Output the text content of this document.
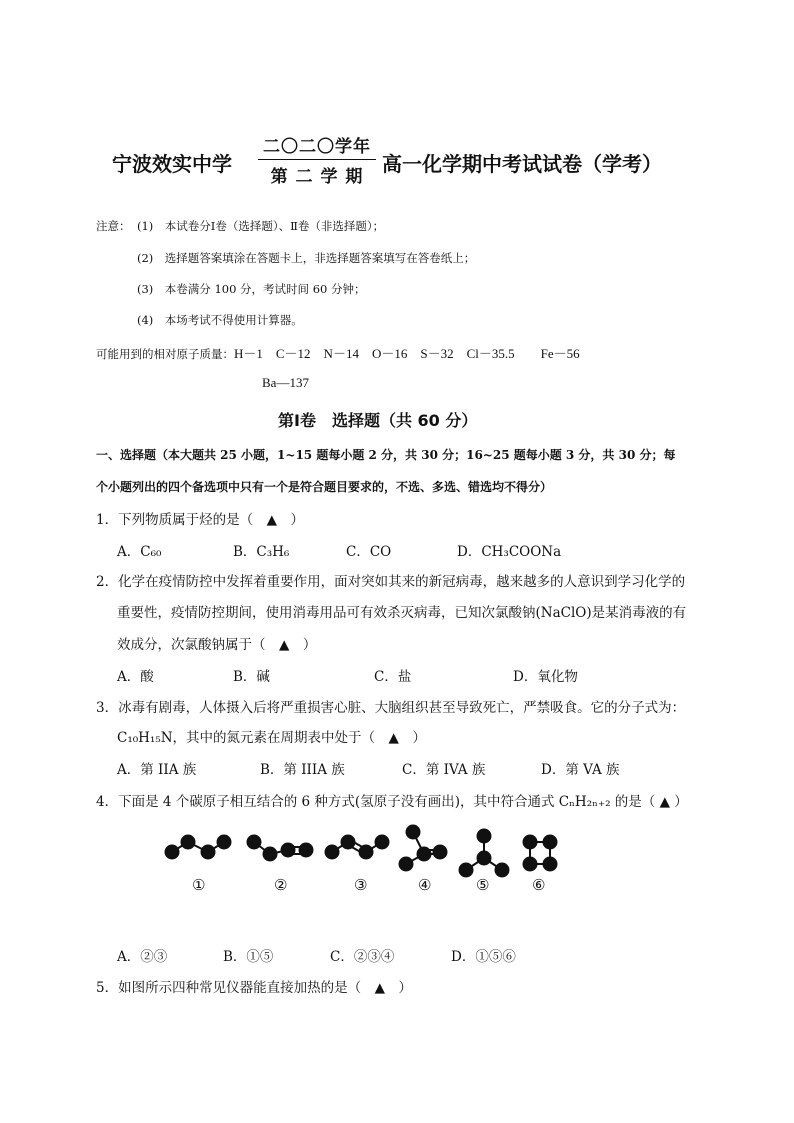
宁波效实中学
二〇二〇学年
第 二 学 期
高一化学期中考试试卷（学考）
注意： (1)　本试卷分Ⅰ卷（选择题）、Ⅱ卷（非选择题）；
(2)　选择题答案填涂在答题卡上，非选择题答案填写在答卷纸上；
(3)　本卷满分 100 分，考试时间 60 分钟；
(4)　本场考试不得使用计算器。
可能用到的相对原子质量：H－1　C－12　N－14　O－16　S－32　Cl－35.5　　Fe－56
Ba—137
第Ⅰ卷　选择题（共 60 分）
一、选择题（本大题共 25 小题，1~15 题每小题 2 分，共 30 分；16~25 题每小题 3 分，共 30 分；每
个小题列出的四个备选项中只有一个是符合题目要求的，不选、多选、错选均不得分）
1．下列物质属于烃的是（　▲　）
A．C₆₀	B．C₃H₆	C．CO	D．CH₃COONa
2．化学在疫情防控中发挥着重要作用，面对突如其来的新冠病毒，越来越多的人意识到学习化学的
重要性，疫情防控期间，使用消毒用品可有效杀灭病毒，已知次氯酸钠(NaClO)是某消毒液的有
效成分，次氯酸钠属于（　▲　）
A．酸	B．碱	C．盐	D．氧化物
3．冰毒有剧毒，人体摄入后将严重损害心脏、大脑组织甚至导致死亡，严禁吸食。它的分子式为：
C₁₀H₁₅N，其中的氮元素在周期表中处于（　▲　）
A．第 IIA 族	B．第 IIIA 族	C．第 IVA 族	D．第 VA 族
4．下面是 4 个碳原子相互结合的 6 种方式(氢原子没有画出)，其中符合通式 CₙH₂ₙ₊₂ 的是（ ▲ ）
①	②	③	④	⑤	⑥
A．②③	B．①⑤	C．②③④	D．①⑤⑥
5．如图所示四种常见仪器能直接加热的是（　▲　）
